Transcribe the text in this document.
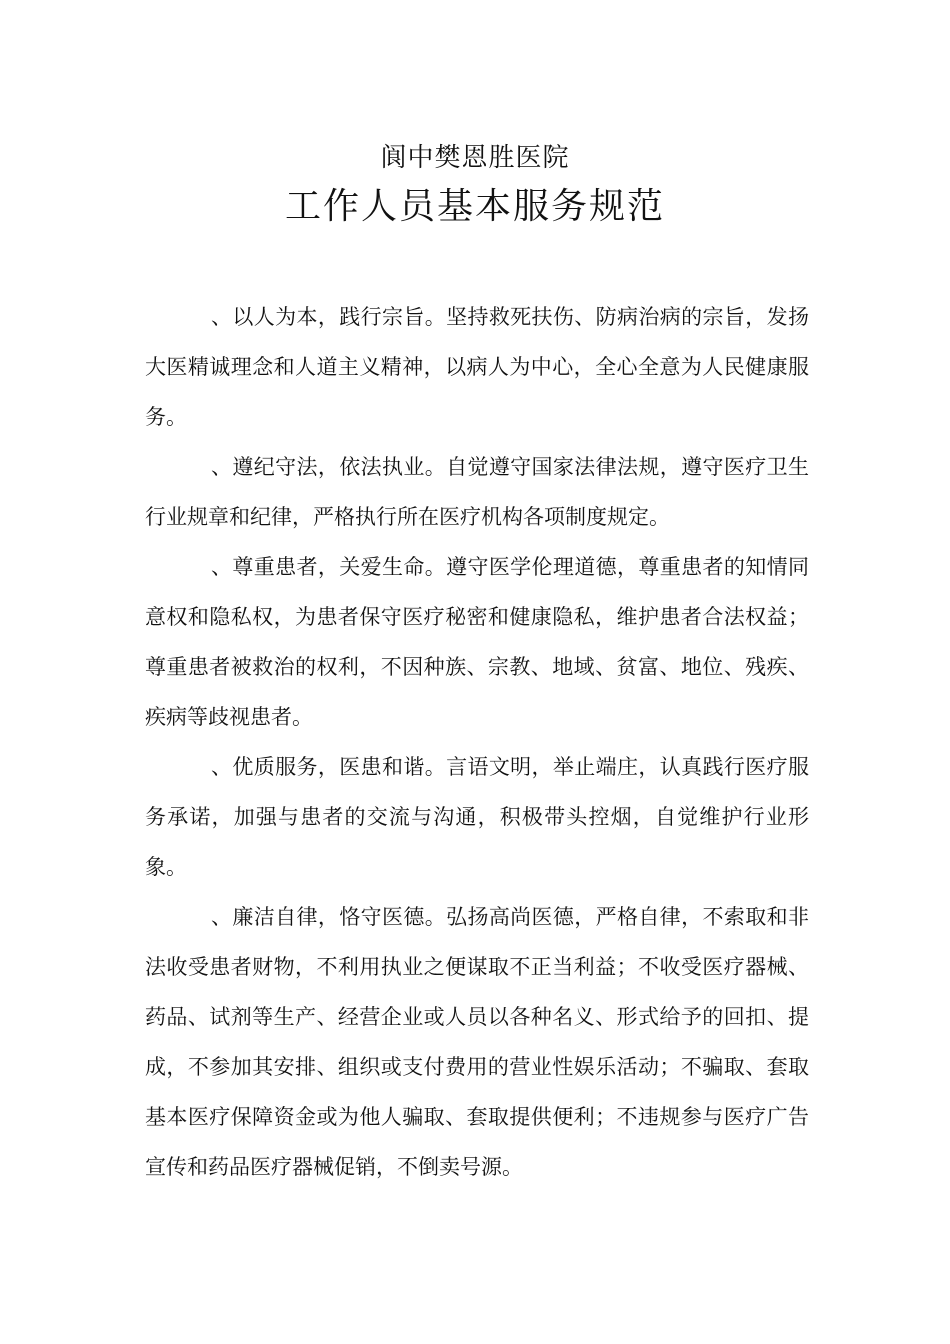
阆中樊恩胜医院
工作人员基本服务规范

、以人为本，践行宗旨。坚持救死扶伤、防病治病的宗旨，发扬大医精诚理念和人道主义精神，以病人为中心，全心全意为人民健康服务。

、遵纪守法，依法执业。自觉遵守国家法律法规，遵守医疗卫生行业规章和纪律，严格执行所在医疗机构各项制度规定。

、尊重患者，关爱生命。遵守医学伦理道德，尊重患者的知情同意权和隐私权，为患者保守医疗秘密和健康隐私，维护患者合法权益；尊重患者被救治的权利，不因种族、宗教、地域、贫富、地位、残疾、疾病等歧视患者。

、优质服务，医患和谐。言语文明，举止端庄，认真践行医疗服务承诺，加强与患者的交流与沟通，积极带头控烟，自觉维护行业形象。

、廉洁自律，恪守医德。弘扬高尚医德，严格自律，不索取和非法收受患者财物，不利用执业之便谋取不正当利益；不收受医疗器械、药品、试剂等生产、经营企业或人员以各种名义、形式给予的回扣、提成，不参加其安排、组织或支付费用的营业性娱乐活动；不骗取、套取基本医疗保障资金或为他人骗取、套取提供便利；不违规参与医疗广告宣传和药品医疗器械促销，不倒卖号源。
